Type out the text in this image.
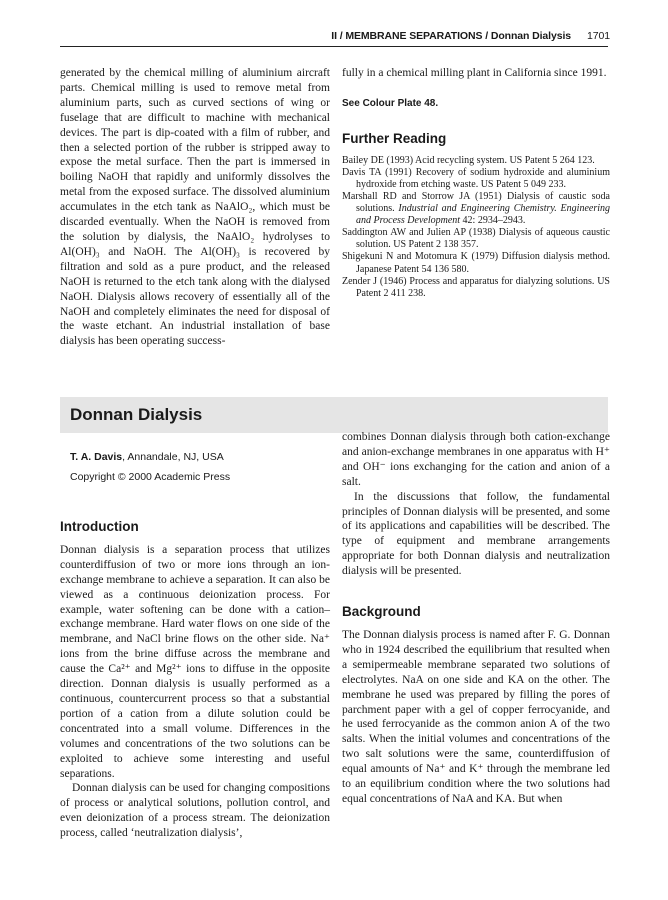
II / MEMBRANE SEPARATIONS / Donnan Dialysis 1701

generated by the chemical milling of aluminium aircraft parts. Chemical milling is used to remove metal from aluminium parts, such as curved sections of wing or fuselage that are difficult to machine with mechanical devices. The part is dip-coated with a film of rubber, and then a selected portion of the rubber is stripped away to expose the metal surface. Then the part is immersed in boiling NaOH that rapidly and uniformly dissolves the metal from the exposed surface. The dissolved aluminium accumulates in the etch tank as NaAlO₂, which must be discarded eventually. When the NaOH is removed from the solution by dialysis, the NaAlO₂ hydrolyses to Al(OH)₃ and NaOH. The Al(OH)₃ is recovered by filtration and sold as a pure product, and the released NaOH is returned to the etch tank along with the dialysed NaOH. Dialysis allows recovery of essentially all of the NaOH and completely eliminates the need for disposal of the waste etchant. An industrial installation of base dialysis has been operating success-

fully in a chemical milling plant in California since 1991.

See Colour Plate 48.
Further Reading
Bailey DE (1993) Acid recycling system. US Patent 5 264 123.
Davis TA (1991) Recovery of sodium hydroxide and aluminium hydroxide from etching waste. US Patent 5 049 233.
Marshall RD and Storrow JA (1951) Dialysis of caustic soda solutions. Industrial and Engineering Chemistry. Engineering and Process Development 42: 2934–2943.
Saddington AW and Julien AP (1938) Dialysis of aqueous caustic solution. US Patent 2 138 357.
Shigekuni N and Motomura K (1979) Diffusion dialysis method. Japanese Patent 54 136 580.
Zender J (1946) Process and apparatus for dialyzing solutions. US Patent 2 411 238.
Donnan Dialysis
T. A. Davis, Annandale, NJ, USA
Copyright © 2000 Academic Press
Introduction

Donnan dialysis is a separation process that utilizes counterdiffusion of two or more ions through an ion-exchange membrane to achieve a separation. It can also be viewed as a continuous deionization process. For example, water softening can be done with a cation–exchange membrane. Hard water flows on one side of the membrane, and NaCl brine flows on the other side. Na⁺ ions from the brine diffuse across the membrane and cause the Ca²⁺ and Mg²⁺ ions to diffuse in the opposite direction. Donnan dialysis is usually performed as a continuous, countercurrent process so that a substantial portion of a cation from a dilute solution could be concentrated into a small volume. Differences in the volumes and concentrations of the two solutions can be exploited to achieve some interesting and useful separations.

Donnan dialysis can be used for changing compositions of process or analytical solutions, pollution control, and even deionization of a process stream. The deionization process, called ‘neutralization dialysis’,

combines Donnan dialysis through both cation-exchange and anion-exchange membranes in one apparatus with H⁺ and OH⁻ ions exchanging for the cation and anion of a salt.

In the discussions that follow, the fundamental principles of Donnan dialysis will be presented, and some of its applications and capabilities will be described. The type of equipment and membrane arrangements appropriate for both Donnan dialysis and neutralization dialysis will be presented.

Background

The Donnan dialysis process is named after F. G. Donnan who in 1924 described the equilibrium that resulted when a semipermeable membrane separated two solutions of electrolytes. NaA on one side and KA on the other. The membrane he used was prepared by filling the pores of parchment paper with a gel of copper ferrocyanide, and he used ferrocyanide as the common anion A of the two salts. When the initial volumes and concentrations of the two salt solutions were the same, counterdiffusion of equal amounts of Na⁺ and K⁺ through the membrane led to an equilibrium condition where the two solutions had equal concentrations of NaA and KA. But when
